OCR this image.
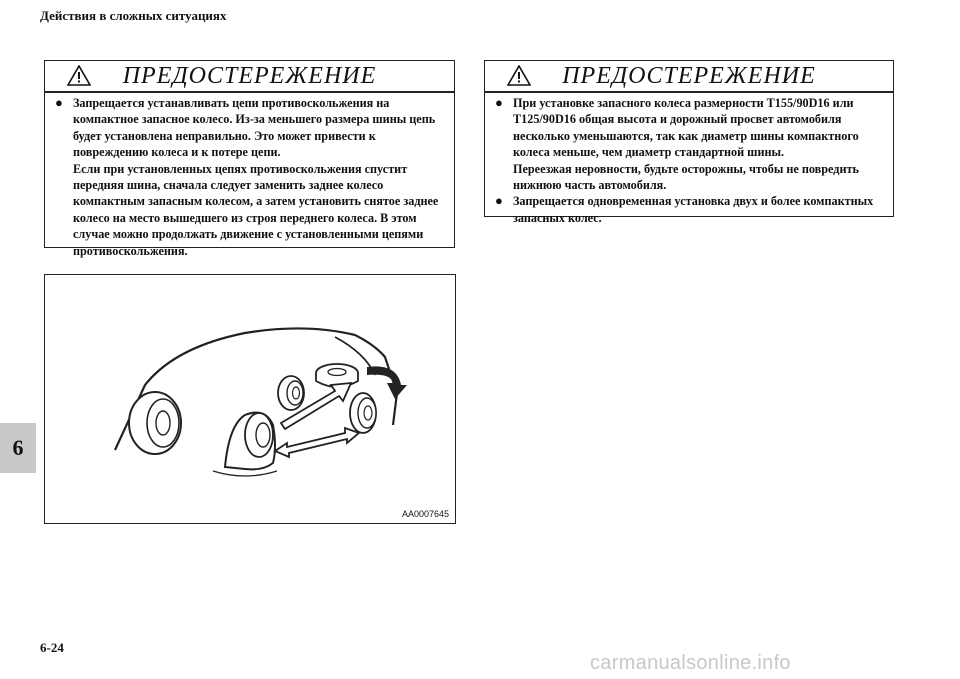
Действия в сложных ситуациях
6
ПРЕДОСТЕРЕЖЕНИЕ
● Запрещается устанавливать цепи противоскольжения на компактное запасное колесо. Из-за меньшего размера шины цепь будет установлена неправильно. Это может привести к повреждению колеса и к потере цепи.

Если при установленных цепях противоскольжения спустит передняя шина, сначала следует заменить заднее колесо компактным запасным колесом, а затем установить снятое заднее колесо на место вышедшего из строя переднего колеса. В этом случае можно продолжать движение с установленными цепями противоскольжения.

ПРЕДОСТЕРЕЖЕНИЕ
● При установке запасного колеса размерности T155/90D16 или T125/90D16 общая высота и дорожный просвет автомобиля несколько уменьшаются, так как диаметр шины компактного колеса меньше, чем диаметр стандартной шины.

Переезжая неровности, будьте осторожны, чтобы не повредить нижнюю часть автомобиля.

● Запрещается одновременная установка двух и более компактных запасных колес.

AA0007645
6-24
carmanualsonline.info
